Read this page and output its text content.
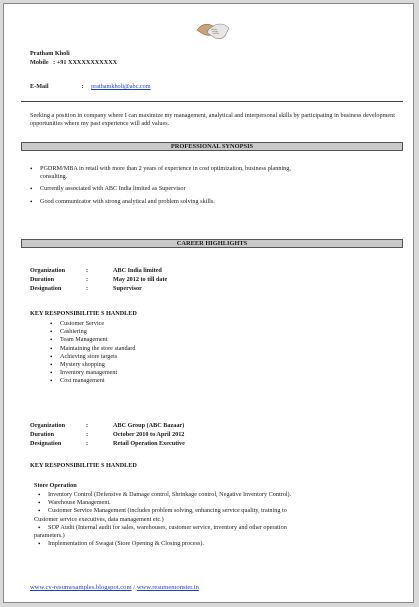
Pratham Kholi
Mobile : +91 XXXXXXXXXXX
E-Mail	: prathamkholi@abc.com
Seeking a position in company where I can maximize my management, analytical and interpersonal skills by participating in business development opportunities where my past experience will add values.
PROFESSIONAL SYNOPSIS
• PGDRM/MBA in retail with more than 2 years of experience in cost optimization, business planning,
consulting.
• Currently associated with ABC India limited as Supervisor
• Good communicator with strong analytical and problem solving skills.
CAREER HIGHLIGHTS
Organization	:	ABC India limited
Duration	:	May 2012 to till date
Designation	:	Supervisor
KEY RESPONSIBILITIE S HANDLED
• Customer Service
• Cashiering
• Team Management
• Maintaining the store standard
• Achieving store targets
• Mystery shopping
• Inventory management
• Cost management
Organization	:	ABC Group (ABC Bazaar)
Duration	:	October 2010 to April 2012
Designation	:	Retail Operation Executive
KEY RESPONSIBILITIE S HANDLED
Store Operation
• Inventory Control (Defensive & Damage control, Shrinkage control, Negative Inventory Control).
• Warehouse Management.
• Customer Service Management (includes problem solving, enhancing service quality, training to
Customer service executives, data management etc.)
• SOP Audit (Internal audit for sales, warehouses, customer service, inventory and other operation
parameters.)
• Implementation of Swagat (Store Opening & Closing process).
www.cv-resumesamples.blogspot.com / www.resumemonster.in
